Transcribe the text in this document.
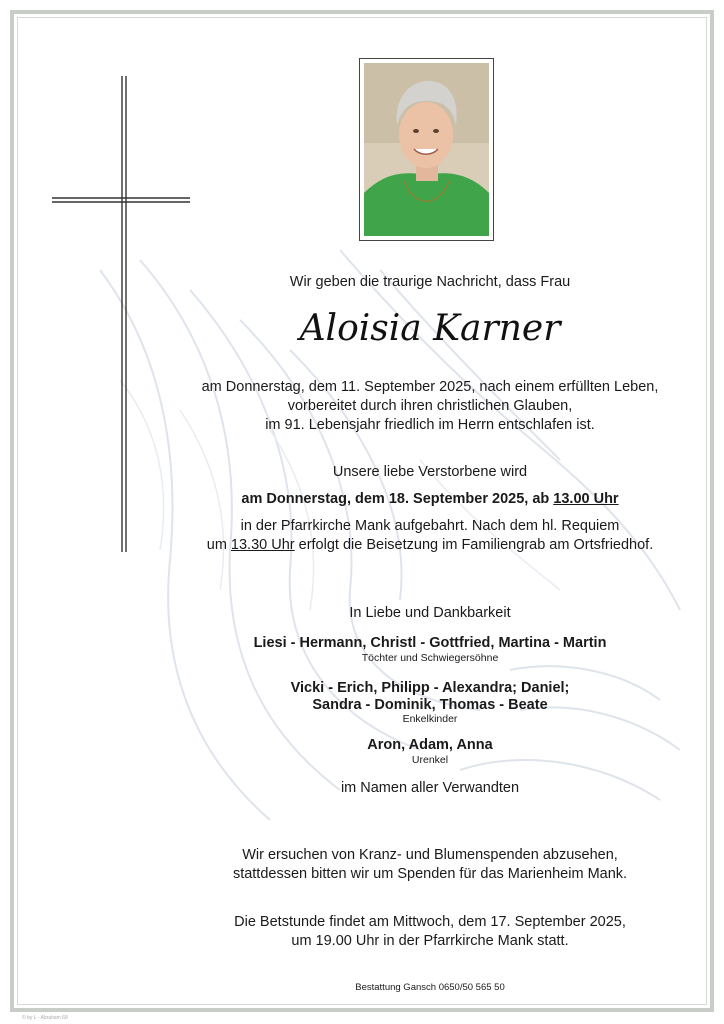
Wir geben die traurige Nachricht, dass Frau
Aloisia Karner
am Donnerstag, dem 11. September 2025, nach einem erfüllten Leben,
vorbereitet durch ihren christlichen Glauben,
im 91. Lebensjahr friedlich im Herrn entschlafen ist.
Unsere liebe Verstorbene wird
am Donnerstag, dem 18. September 2025, ab 13.00 Uhr
in der Pfarrkirche Mank aufgebahrt. Nach dem hl. Requiem
um 13.30 Uhr erfolgt die Beisetzung im Familiengrab am Ortsfriedhof.
In Liebe und Dankbarkeit
Liesi - Hermann, Christl - Gottfried, Martina - Martin
Töchter und Schwiegersöhne
Vicki - Erich, Philipp - Alexandra; Daniel;
Sandra - Dominik, Thomas - Beate
Enkelkinder
Aron, Adam, Anna
Urenkel
im Namen aller Verwandten
Wir ersuchen von Kranz- und Blumenspenden abzusehen,
stattdessen bitten wir um Spenden für das Marienheim Mank.
Die Betstunde findet am Mittwoch, dem 17. September 2025,
um 19.00 Uhr in der Pfarrkirche Mank statt.
Bestattung Gansch 0650/50 565 50
© by L - Abraham 68
